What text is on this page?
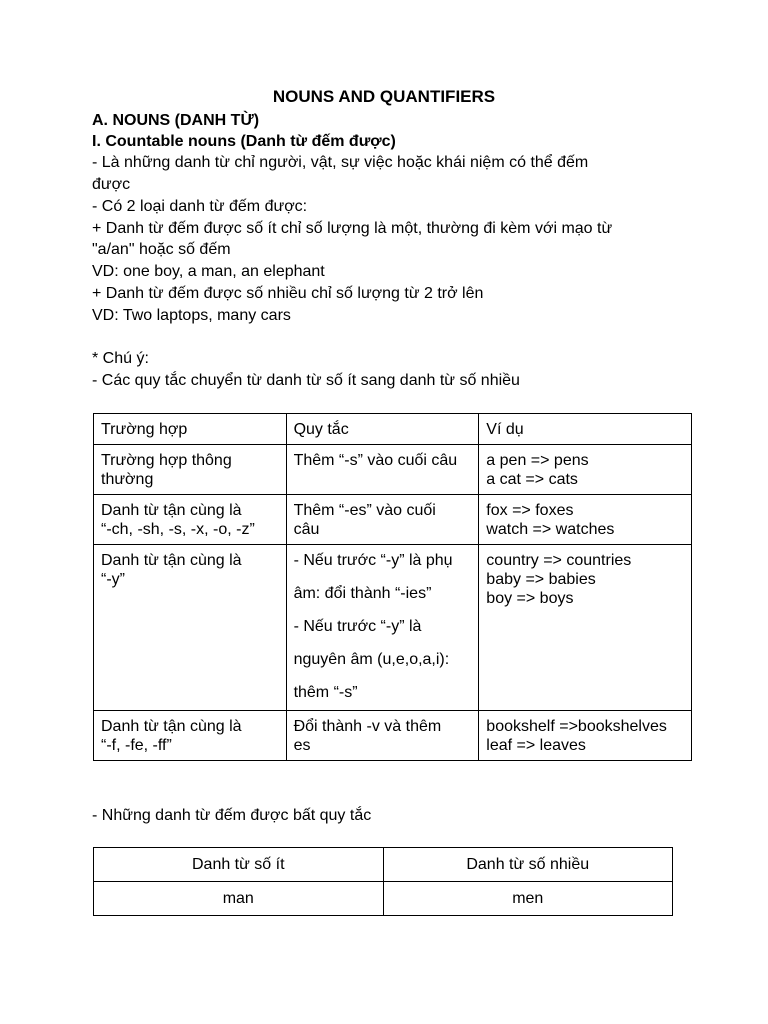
NOUNS AND QUANTIFIERS
A. NOUNS (DANH TỪ)
I. Countable nouns (Danh từ đếm được)
- Là những danh từ chỉ người, vật, sự việc hoặc khái niệm có thể đếm
được
- Có 2 loại danh từ đếm được:
+ Danh từ đếm được số ít chỉ số lượng là một, thường đi kèm với mạo từ
"a/an" hoặc số đếm
VD: one boy, a man, an elephant
+ Danh từ đếm được số nhiều chỉ số lượng từ 2 trở lên
VD: Two laptops, many cars
* Chú ý:
- Các quy tắc chuyển từ danh từ số ít sang danh từ số nhiều
Trường hợp	Quy tắc	Ví dụ

Trường hợp thông
thường	Thêm “-s” vào cuối câu	a pen => pens
a cat => cats

Danh từ tận cùng là
“-ch, -sh, -s, -x, -o, -z”	Thêm “-es” vào cuối
câu	fox => foxes
watch => watches

Danh từ tận cùng là
“-y”	- Nếu trước “-y” là phụ
âm: đổi thành “-ies”
- Nếu trước “-y” là
nguyên âm (u,e,o,a,i):
thêm “-s”	country => countries
baby => babies
boy => boys

Danh từ tận cùng là
“-f, -fe, -ff”	Đổi thành -v và thêm
es	bookshelf =>bookshelves
leaf => leaves
- Những danh từ đếm được bất quy tắc
Danh từ số ít	Danh từ số nhiều
man	men
